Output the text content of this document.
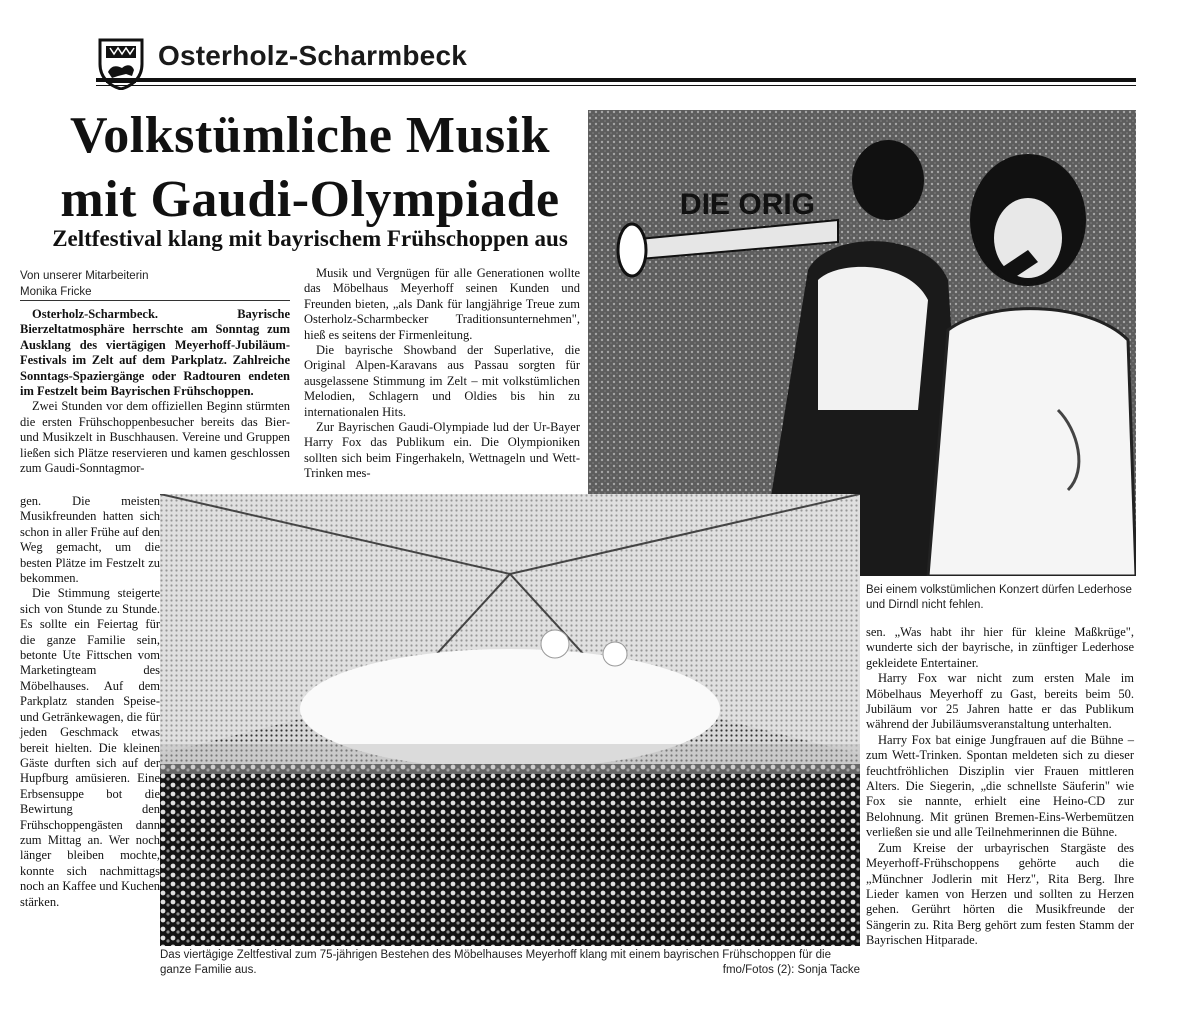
Osterholz-Scharmbeck
Volkstümliche Musik
mit Gaudi-Olympiade
Zeltfestival klang mit bayrischem Frühschoppen aus
Von unserer Mitarbeiterin
Monika Fricke

Osterholz-Scharmbeck. Bayrische Bierzeltatmosphäre herrschte am Sonntag zum Ausklang des viertägigen Meyerhoff-Jubiläum-Festivals im Zelt auf dem Parkplatz. Zahlreiche Sonntags-Spaziergänge oder Radtouren endeten im Festzelt beim Bayrischen Frühschoppen.

Zwei Stunden vor dem offiziellen Beginn stürmten die ersten Frühschoppenbesucher bereits das Bier- und Musikzelt in Buschhausen. Vereine und Gruppen ließen sich Plätze reservieren und kamen geschlossen zum Gaudi-Sonntagmor-

Musik und Vergnügen für alle Generationen wollte das Möbelhaus Meyerhoff seinen Kunden und Freunden bieten, „als Dank für langjährige Treue zum Osterholz-Scharmbecker Traditionsunternehmen", hieß es seitens der Firmenleitung.

Die bayrische Showband der Superlative, die Original Alpen-Karavans aus Passau sorgten für ausgelassene Stimmung im Zelt – mit volkstümlichen Melodien, Schlagern und Oldies bis hin zu internationalen Hits.

Zur Bayrischen Gaudi-Olympiade lud der Ur-Bayer Harry Fox das Publikum ein. Die Olympioniken sollten sich beim Fingerhakeln, Wettnageln und Wett-Trinken mes-

gen. Die meisten Musikfreunden hatten sich schon in aller Frühe auf den Weg gemacht, um die besten Plätze im Festzelt zu bekommen.

Die Stimmung steigerte sich von Stunde zu Stunde. Es sollte ein Feiertag für die ganze Familie sein, betonte Ute Fittschen vom Marketingteam des Möbelhauses. Auf dem Parkplatz standen Speise- und Getränkewagen, die für jeden Geschmack etwas bereit hielten. Die kleinen Gäste durften sich auf der Hupfburg amüsieren. Eine Erbsensuppe bot die Bewirtung den Frühschoppengästen dann zum Mittag an. Wer noch länger bleiben mochte, konnte sich nachmittags noch an Kaffee und Kuchen stärken.

DIE ORIG
Bei einem volkstümlichen Konzert dürfen Lederhose und Dirndl nicht fehlen.

sen. „Was habt ihr hier für kleine Maßkrüge", wunderte sich der bayrische, in zünftiger Lederhose gekleidete Entertainer.

Harry Fox war nicht zum ersten Male im Möbelhaus Meyerhoff zu Gast, bereits beim 50. Jubiläum vor 25 Jahren hatte er das Publikum während der Jubiläumsveranstaltung unterhalten.

Harry Fox bat einige Jungfrauen auf die Bühne – zum Wett-Trinken. Spontan meldeten sich zu dieser feuchtfröhlichen Disziplin vier Frauen mittleren Alters. Die Siegerin, „die schnellste Säuferin" wie Fox sie nannte, erhielt eine Heino-CD zur Belohnung. Mit grünen Bremen-Eins-Werbemützen verließen sie und alle Teilnehmerinnen die Bühne.

Zum Kreise der urbayrischen Stargäste des Meyerhoff-Frühschoppens gehörte auch die „Münchner Jodlerin mit Herz", Rita Berg. Ihre Lieder kamen von Herzen und sollten zu Herzen gehen. Gerührt hörten die Musikfreunde der Sängerin zu. Rita Berg gehört zum festen Stamm der Bayrischen Hitparade.

Das viertägige Zeltfestival zum 75-jährigen Bestehen des Möbelhauses Meyerhoff klang mit einem bayrischen Frühschoppen für die ganze Familie aus.	fmo/Fotos (2): Sonja Tacke
